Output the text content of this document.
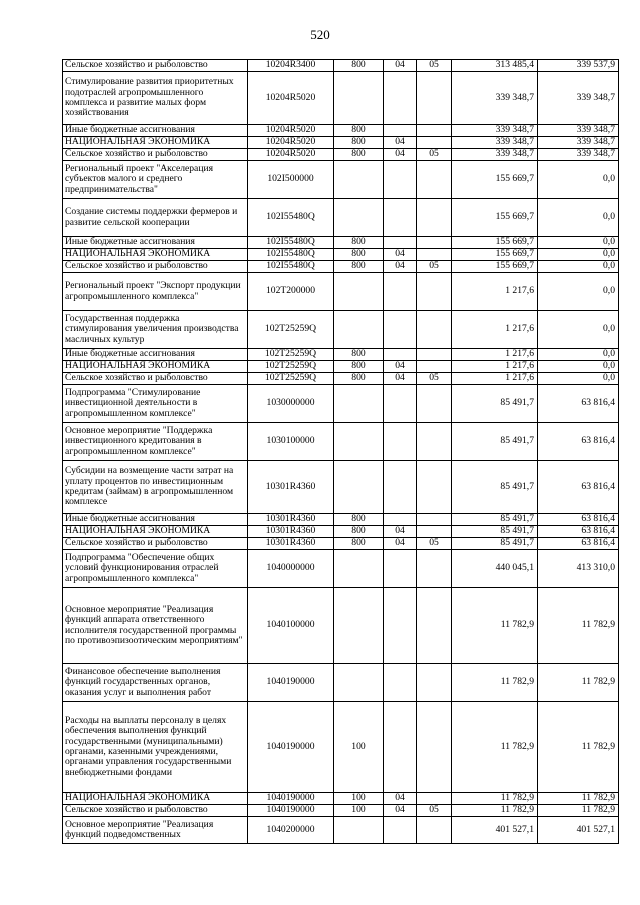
520
Сельское хозяйство и рыболовство	10204R3400	800	04	05	313 485,4	339 537,9
Стимулирование развития приоритетных подотраслей агропромышленного комплекса и развитие малых форм хозяйствования	10204R5020				339 348,7	339 348,7
Иные бюджетные ассигнования	10204R5020	800			339 348,7	339 348,7
НАЦИОНАЛЬНАЯ ЭКОНОМИКА	10204R5020	800	04		339 348,7	339 348,7
Сельское хозяйство и рыболовство	10204R5020	800	04	05	339 348,7	339 348,7
Региональный проект "Акселерация субъектов малого и среднего предпринимательства"	102I500000				155 669,7	0,0
Создание системы поддержки фермеров и развитие сельской кооперации	102I55480Q				155 669,7	0,0
Иные бюджетные ассигнования	102I55480Q	800			155 669,7	0,0
НАЦИОНАЛЬНАЯ ЭКОНОМИКА	102I55480Q	800	04		155 669,7	0,0
Сельское хозяйство и рыболовство	102I55480Q	800	04	05	155 669,7	0,0
Региональный проект "Экспорт продукции агропромышленного комплекса"	102T200000				1 217,6	0,0
Государственная поддержка стимулирования увеличения производства масличных культур	102T25259Q				1 217,6	0,0
Иные бюджетные ассигнования	102T25259Q	800			1 217,6	0,0
НАЦИОНАЛЬНАЯ ЭКОНОМИКА	102T25259Q	800	04		1 217,6	0,0
Сельское хозяйство и рыболовство	102T25259Q	800	04	05	1 217,6	0,0
Подпрограмма "Стимулирование инвестиционной деятельности в агропромышленном комплексе"	1030000000				85 491,7	63 816,4
Основное мероприятие "Поддержка инвестиционного кредитования в агропромышленном комплексе"	1030100000				85 491,7	63 816,4
Субсидии на возмещение части затрат на уплату процентов по инвестиционным кредитам (займам) в агропромышленном комплексе	10301R4360				85 491,7	63 816,4
Иные бюджетные ассигнования	10301R4360	800			85 491,7	63 816,4
НАЦИОНАЛЬНАЯ ЭКОНОМИКА	10301R4360	800	04		85 491,7	63 816,4
Сельское хозяйство и рыболовство	10301R4360	800	04	05	85 491,7	63 816,4
Подпрограмма "Обеспечение общих условий функционирования отраслей агропромышленного комплекса"	1040000000				440 045,1	413 310,0
Основное мероприятие "Реализация функций аппарата ответственного исполнителя государственной программы по противоэпизоотическим мероприятиям"	1040100000				11 782,9	11 782,9
Финансовое обеспечение выполнения функций государственных органов, оказания услуг и выполнения работ	1040190000				11 782,9	11 782,9
Расходы на выплаты персоналу в целях обеспечения выполнения функций государственными (муниципальными) органами, казенными учреждениями, органами управления государственными внебюджетными фондами	1040190000	100			11 782,9	11 782,9
НАЦИОНАЛЬНАЯ ЭКОНОМИКА	1040190000	100	04		11 782,9	11 782,9
Сельское хозяйство и рыболовство	1040190000	100	04	05	11 782,9	11 782,9
Основное мероприятие "Реализация функций подведомственных	1040200000				401 527,1	401 527,1
